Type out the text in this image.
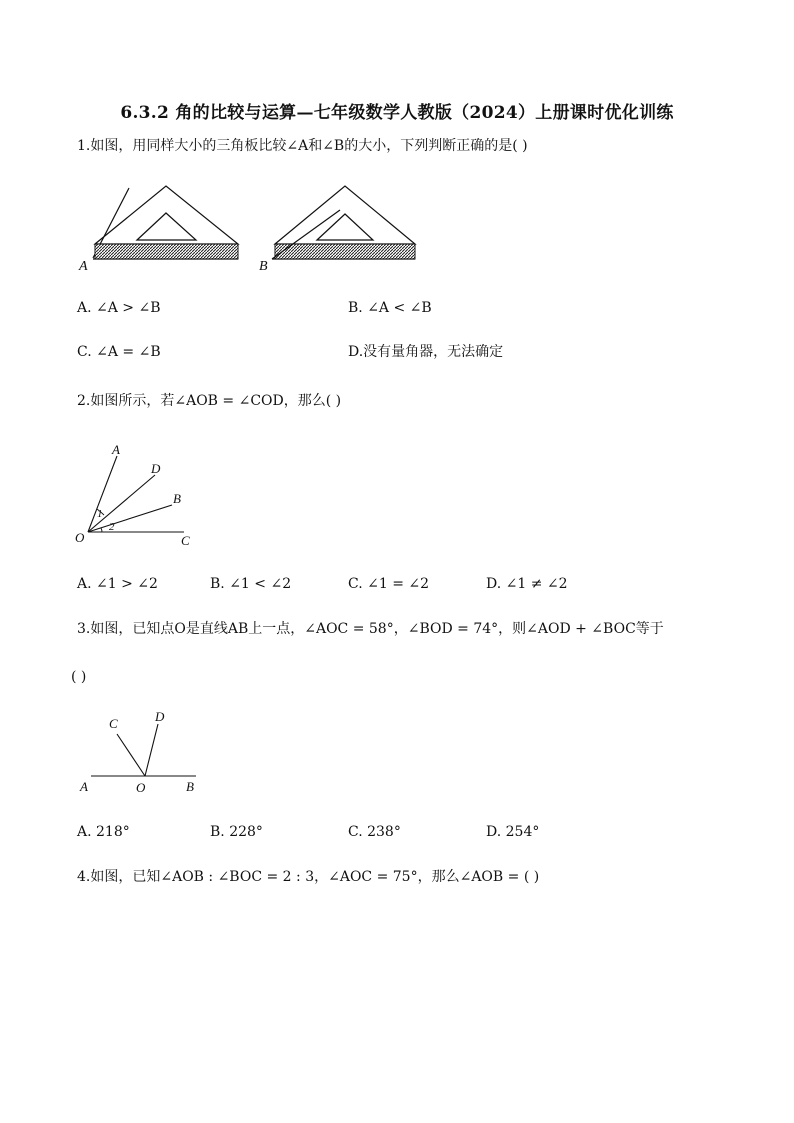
6.3.2 角的比较与运算—七年级数学人教版（2024）上册课时优化训练
1.如图，用同样大小的三角板比较∠A和∠B的大小，下列判断正确的是( )
A	B
A. ∠A > ∠B	B. ∠A < ∠B
C. ∠A = ∠B	D.没有量角器，无法确定
2.如图所示，若∠AOB = ∠COD，那么( )
A
D
B
O	C
1
2
A. ∠1 > ∠2	B. ∠1 < ∠2	C. ∠1 = ∠2	D. ∠1 ≠ ∠2
3.如图，已知点O是直线AB上一点，∠AOC = 58°，∠BOD = 74°，则∠AOD + ∠BOC等于
( )
C	D
A	O	B
A. 218°	B. 228°	C. 238°	D. 254°
4.如图，已知∠AOB : ∠BOC = 2 : 3，∠AOC = 75°，那么∠AOB = ( )
